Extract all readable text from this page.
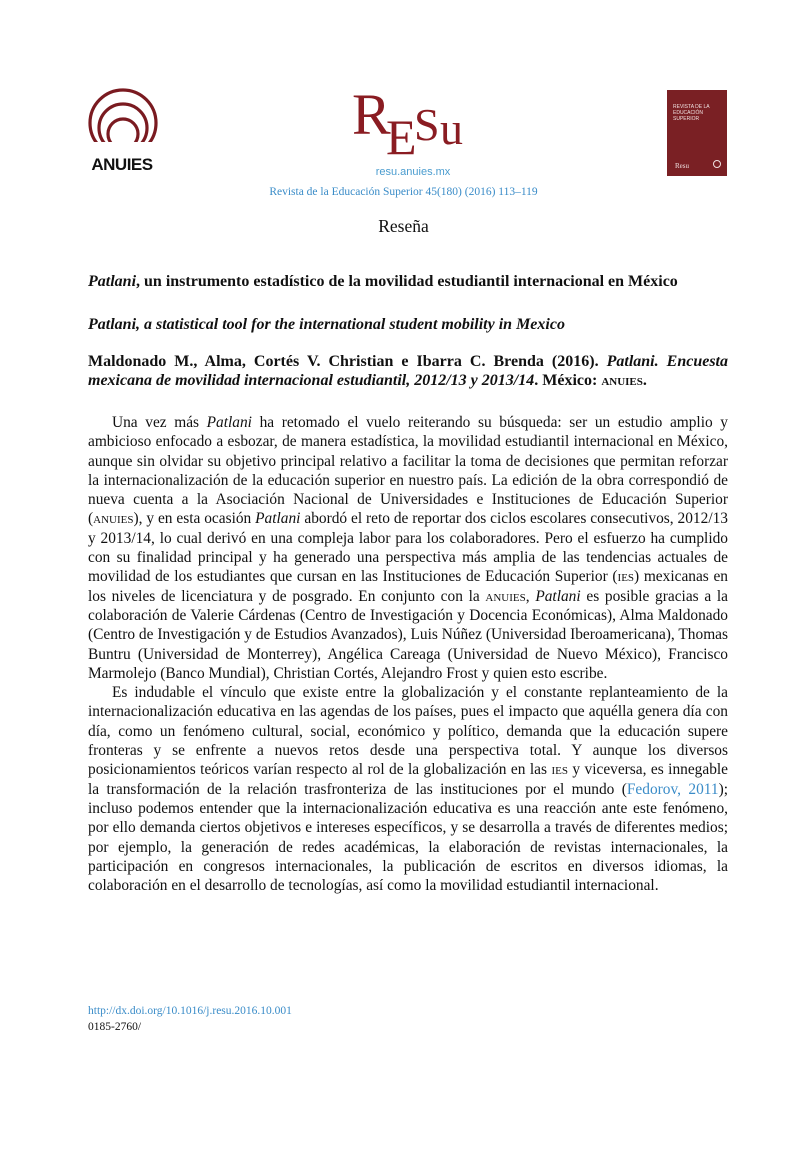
ANUIES
R
E
S u
resu.anuies.mx
Revista de la Educación Superior 45(180) (2016) 113–119
REVISTA DE LA EDUCACIÓN SUPERIOR
Resu
Reseña
Patlani, un instrumento estadístico de la movilidad estudiantil internacional en México
Patlani, a statistical tool for the international student mobility in Mexico
Maldonado M., Alma, Cortés V. Christian e Ibarra C. Brenda (2016). Patlani. Encuesta mexicana de movilidad internacional estudiantil, 2012/13 y 2013/14. México: anuies.

Una vez más Patlani ha retomado el vuelo reiterando su búsqueda: ser un estudio amplio y ambicioso enfocado a esbozar, de manera estadística, la movilidad estudiantil internacional en México, aunque sin olvidar su objetivo principal relativo a facilitar la toma de decisiones que permitan reforzar la internacionalización de la educación superior en nuestro país. La edición de la obra correspondió de nueva cuenta a la Asociación Nacional de Universidades e Instituciones de Educación Superior (anuies), y en esta ocasión Patlani abordó el reto de reportar dos ciclos escolares consecutivos, 2012/13 y 2013/14, lo cual derivó en una compleja labor para los colaboradores. Pero el esfuerzo ha cumplido con su finalidad principal y ha generado una perspectiva más amplia de las tendencias actuales de movilidad de los estudiantes que cursan en las Instituciones de Educación Superior (ies) mexicanas en los niveles de licenciatura y de posgrado. En conjunto con la anuies, Patlani es posible gracias a la colaboración de Valerie Cárdenas (Centro de Investigación y Docencia Económicas), Alma Maldonado (Centro de Investigación y de Estudios Avanzados), Luis Núñez (Universidad Iberoamericana), Thomas Buntru (Universidad de Monterrey), Angélica Careaga (Universidad de Nuevo México), Francisco Marmolejo (Banco Mundial), Christian Cortés, Alejandro Frost y quien esto escribe.

Es indudable el vínculo que existe entre la globalización y el constante replanteamiento de la internacionalización educativa en las agendas de los países, pues el impacto que aquélla genera día con día, como un fenómeno cultural, social, económico y político, demanda que la educación supere fronteras y se enfrente a nuevos retos desde una perspectiva total. Y aunque los diversos posicionamientos teóricos varían respecto al rol de la globalización en las ies y viceversa, es innegable la transformación de la relación trasfronteriza de las instituciones por el mundo (Fedorov, 2011); incluso podemos entender que la internacionalización educativa es una reacción ante este fenómeno, por ello demanda ciertos objetivos e intereses específicos, y se desarrolla a través de diferentes medios; por ejemplo, la generación de redes académicas, la elaboración de revistas internacionales, la participación en congresos internacionales, la publicación de escritos en diversos idiomas, la colaboración en el desarrollo de tecnologías, así como la movilidad estudiantil internacional.

http://dx.doi.org/10.1016/j.resu.2016.10.001
0185-2760/
